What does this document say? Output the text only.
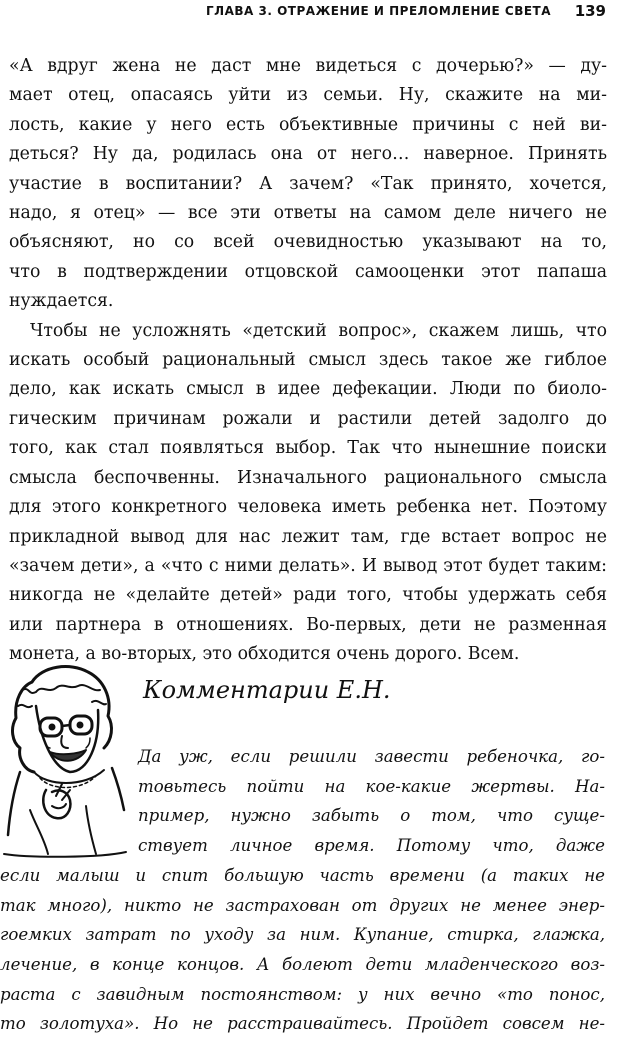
ГЛАВА 3. ОТРАЖЕНИЕ И ПРЕЛОМЛЕНИЕ СВЕТА 139

«А вдруг жена не даст мне видеться с дочерью?» — ду-
мает отец, опасаясь уйти из семьи. Ну, скажите на ми-
лость, какие у него есть объективные причины с ней ви-
деться? Ну да, родилась она от него… наверное. Принять
участие в воспитании? А зачем? «Так принято, хочется,
надо, я отец» — все эти ответы на самом деле ничего не
объясняют, но со всей очевидностью указывают на то,
что в подтверждении отцовской самооценки этот папаша
нуждается.

Чтобы не усложнять «детский вопрос», скажем лишь, что
искать особый рациональный смысл здесь такое же гиблое
дело, как искать смысл в идее дефекации. Люди по биоло-
гическим причинам рожали и растили детей задолго до
того, как стал появляться выбор. Так что нынешние поиски
смысла беспочвенны. Изначального рационального смысла
для этого конкретного человека иметь ребенка нет. Поэтому
прикладной вывод для нас лежит там, где встает вопрос не
«зачем дети», а «что с ними делать». И вывод этот будет таким:
никогда не «делайте детей» ради того, чтобы удержать себя
или партнера в отношениях. Во-первых, дети не разменная
монета, а во-вторых, это обходится очень дорого. Всем.

Комментарии Е.Н.
Да уж, если решили завести ребеночка, го-
товьтесь пойти на кое-какие жертвы. На-
пример, нужно забыть о том, что суще-
ствует личное время. Потому что, даже
если малыш и спит большую часть времени (а таких не
так много), никто не застрахован от других не менее энер-
гоемких затрат по уходу за ним. Купание, стирка, глажка,
лечение, в конце концов. А болеют дети младенческого воз-
раста с завидным постоянством: у них вечно «то понос,
то золотуха». Но не расстраивайтесь. Пройдет совсем не-
